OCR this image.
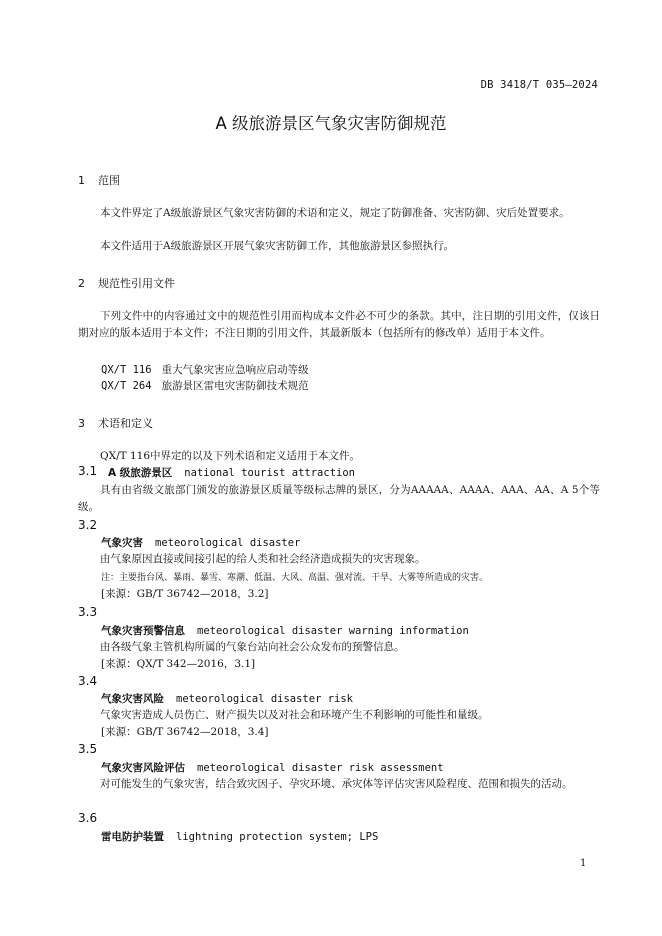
DB 3418/T 035—2024
A 级旅游景区气象灾害防御规范
1 范围
本文件界定了A级旅游景区气象灾害防御的术语和定义，规定了防御准备、灾害防御、灾后处置要求。
本文件适用于A级旅游景区开展气象灾害防御工作，其他旅游景区参照执行。
2 规范性引用文件
下列文件中的内容通过文中的规范性引用而构成本文件必不可少的条款。其中，注日期的引用文件，仅该日期对应的版本适用于本文件；不注日期的引用文件，其最新版本（包括所有的修改单）适用于本文件。
QX/T 116 重大气象灾害应急响应启动等级
QX/T 264 旅游景区雷电灾害防御技术规范
3 术语和定义
QX/T 116中界定的以及下列术语和定义适用于本文件。
3.1 A 级旅游景区 national tourist attraction
具有由省级文旅部门颁发的旅游景区质量等级标志牌的景区，分为AAAAA、AAAA、AAA、AA、A 5个等级。
3.2
气象灾害 meteorological disaster
由气象原因直接或间接引起的给人类和社会经济造成损失的灾害现象。
注：主要指台风、暴雨、暴雪、寒潮、低温、大风、高温、强对流、干旱、大雾等所造成的灾害。
[来源：GB/T 36742—2018，3.2]
3.3
气象灾害预警信息 meteorological disaster warning information
由各级气象主管机构所属的气象台站向社会公众发布的预警信息。
[来源：QX/T 342—2016，3.1]
3.4
气象灾害风险 meteorological disaster risk
气象灾害造成人员伤亡、财产损失以及对社会和环境产生不利影响的可能性和量级。
[来源：GB/T 36742—2018，3.4]
3.5
气象灾害风险评估 meteorological disaster risk assessment
对可能发生的气象灾害，结合致灾因子、孕灾环境、承灾体等评估灾害风险程度、范围和损失的活动。
3.6
雷电防护装置 lightning protection system; LPS
1
